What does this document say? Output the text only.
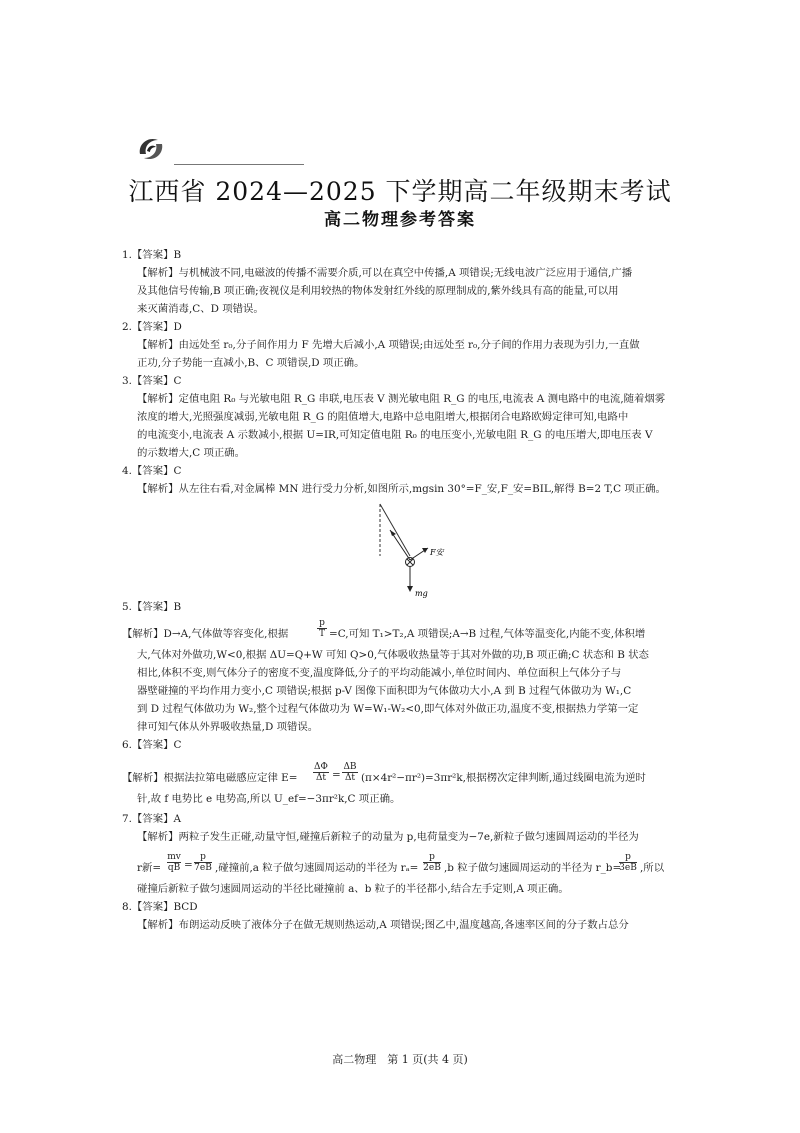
江西省 2024—2025 下学期高二年级期末考试
高二物理参考答案
1.【答案】B
【解析】与机械波不同,电磁波的传播不需要介质,可以在真空中传播,A 项错误;无线电波广泛应用于通信,广播
及其他信号传输,B 项正确;夜视仪是利用较热的物体发射红外线的原理制成的,紫外线具有高的能量,可以用
来灭菌消毒,C、D 项错误。
2.【答案】D
【解析】由远处至 r₀,分子间作用力 F 先增大后减小,A 项错误;由远处至 r₀,分子间的作用力表现为引力,一直做
正功,分子势能一直减小,B、C 项错误,D 项正确。
3.【答案】C
【解析】定值电阻 R₀ 与光敏电阻 R_G 串联,电压表 V 测光敏电阻 R_G 的电压,电流表 A 测电路中的电流,随着烟雾
浓度的增大,光照强度减弱,光敏电阻 R_G 的阻值增大,电路中总电阻增大,根据闭合电路欧姆定律可知,电路中
的电流变小,电流表 A 示数减小,根据 U=IR,可知定值电阻 R₀ 的电压变小,光敏电阻 R_G 的电压增大,即电压表 V
的示数增大,C 项正确。
4.【答案】C
【解析】从左往右看,对金属棒 MN 进行受力分析,如图所示,mgsin 30°=F_安,F_安=BIL,解得 B=2 T,C 项正确。
F安
mg
5.【答案】B
【解析】D→A,气体做等容变化,根据
p
T =C,可知 T₁>T₂,A 项错误;A→B 过程,气体等温变化,内能不变,体积增
大,气体对外做功,W<0,根据 ΔU=Q+W 可知 Q>0,气体吸收热量等于其对外做的功,B 项正确;C 状态和 B 状态
相比,体积不变,则气体分子的密度不变,温度降低,分子的平均动能减小,单位时间内、单位面积上气体分子与
器壁碰撞的平均作用力变小,C 项错误;根据 p-V 图像下面积即为气体做功大小,A 到 B 过程气体做功为 W₁,C
到 D 过程气体做功为 W₂,整个过程气体做功为 W=W₁-W₂<0,即气体对外做正功,温度不变,根据热力学第一定
律可知气体从外界吸收热量,D 项错误。
6.【答案】C
【解析】根据法拉第电磁感应定律 E=
ΔΦ
Δt =
ΔB
Δt (π×4r²−πr²)=3πr²k,根据楞次定律判断,通过线圈电流为逆时
针,故 f 电势比 e 电势高,所以 U_ef=−3πr²k,C 项正确。
7.【答案】A
【解析】两粒子发生正碰,动量守恒,碰撞后新粒子的动量为 p,电荷量变为−7e,新粒子做匀速圆周运动的半径为
r新=
mv
qB =
p
7eB ,碰撞前,a 粒子做匀速圆周运动的半径为 rₐ=
p
2eB ,b 粒子做匀速圆周运动的半径为 r_b=
p
3eB ,所以
碰撞后新粒子做匀速圆周运动的半径比碰撞前 a、b 粒子的半径都小,结合左手定则,A 项正确。
8.【答案】BCD
【解析】布朗运动反映了液体分子在做无规则热运动,A 项错误;图乙中,温度越高,各速率区间的分子数占总分
高二物理　第 1 页(共 4 页)
